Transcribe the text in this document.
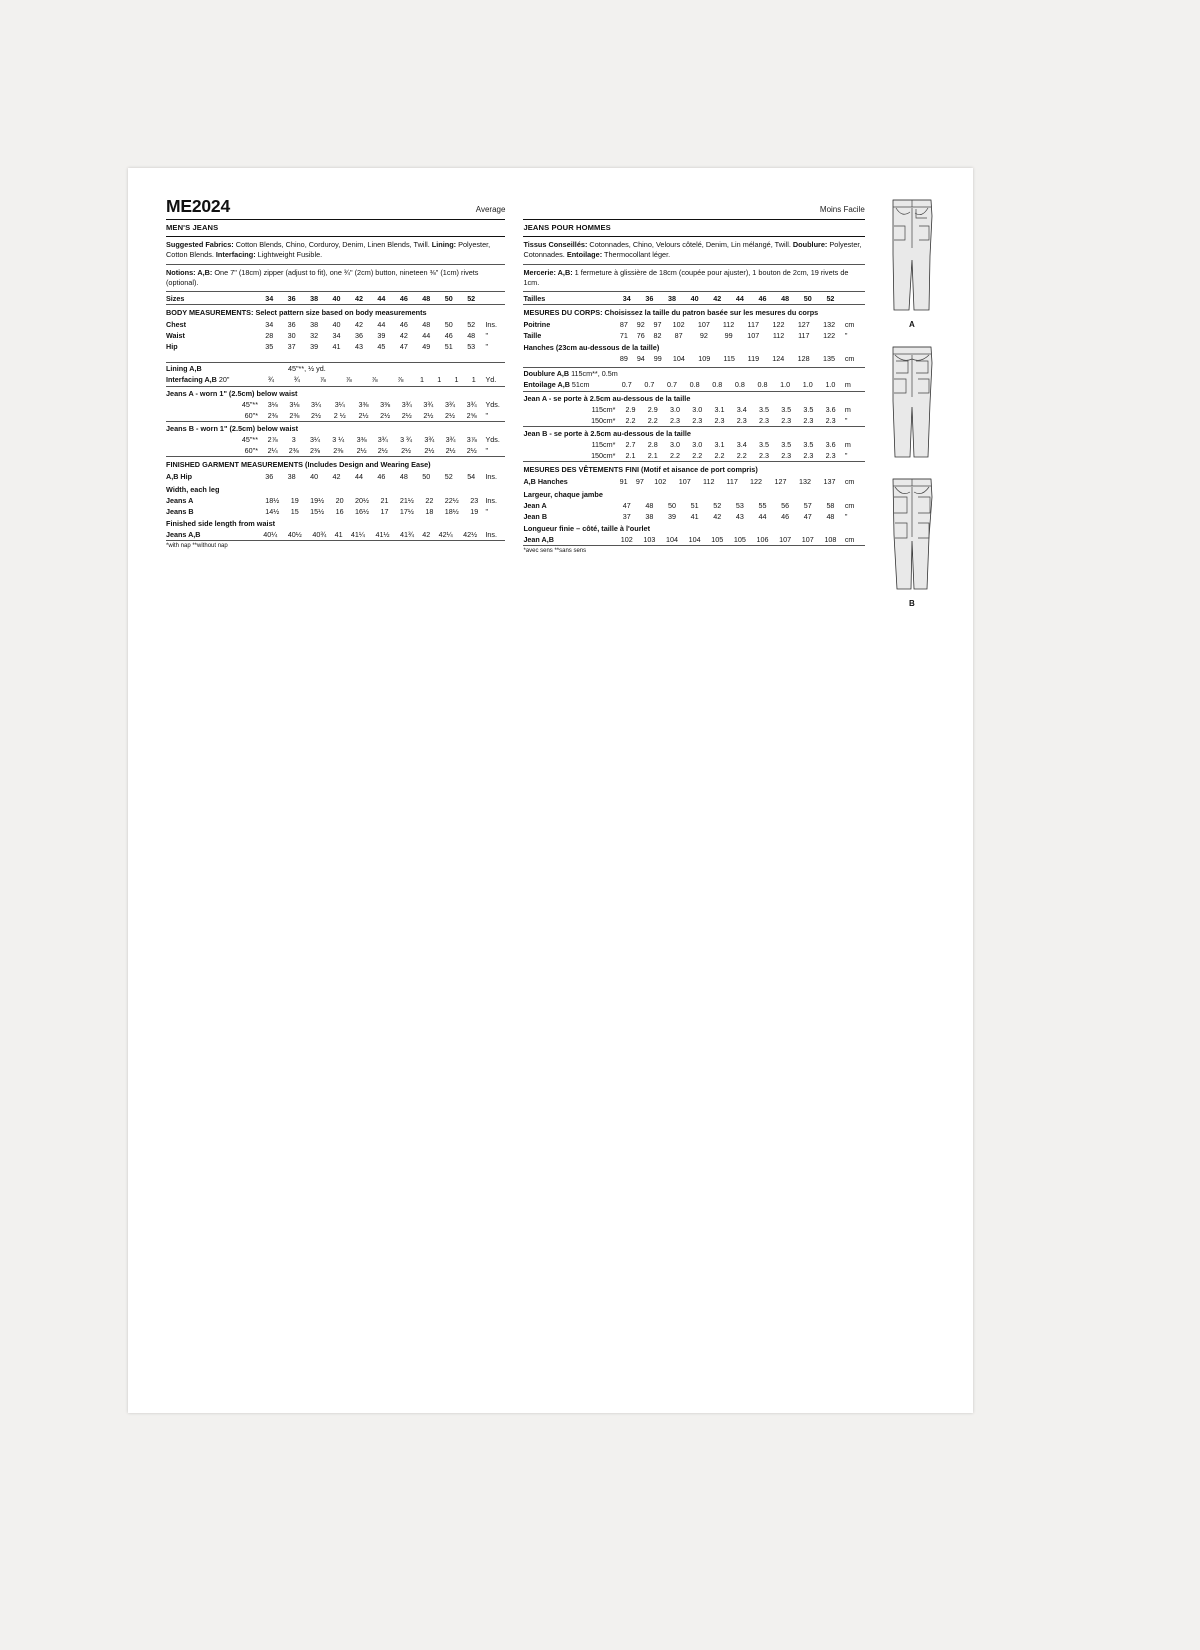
ME2024	Average
MEN'S JEANS
Suggested Fabrics: Cotton Blends, Chino, Corduroy, Denim, Linen Blends, Twill. Lining: Polyester, Cotton Blends. Interfacing: Lightweight Fusible.
Notions: A,B: One 7" (18cm) zipper (adjust to fit), one ¾" (2cm) button, nineteen ⅜" (1cm) rivets (optional).
Sizes	34	36	38	40	42	44	46	48	50	52	
BODY MEASUREMENTS: Select pattern size based on body measurements
Chest	34	36	38	40	42	44	46	48	50	52	Ins.
Waist	28	30	32	34	36	39	42	44	46	48	"
Hip	35	37	39	41	43	45	47	49	51	53	"
Lining A,B	45"**, ½ yd.
Interfacing A,B 20"	¾	¾	⅞	⅞	⅞	⅞	1	1	1	1	Yd.
Jeans A - worn 1" (2.5cm) below waist
45"**	3⅛	3⅛	3¼	3¼	3⅜	3⅜	3¾	3¾	3¾	3¾	Yds.
60"*	2⅜	2⅜	2½	2 ½	2½	2½	2½	2½	2½	2⅝	"
Jeans B - worn 1" (2.5cm) below waist
45"**	2⅞	3	3¼	3 ¼	3⅜	3¾	3 ¾	3¾	3¾	3⅞	Yds.
60"*	2¼	2⅜	2⅜	2⅜	2½	2½	2½	2½	2½	2½	"
FINISHED GARMENT MEASUREMENTS (Includes Design and Wearing Ease)
A,B Hip	36	38	40	42	44	46	48	50	52	54	Ins.
Width, each leg
Jeans A	18½	19	19½	20	20½	21	21½	22	22½	23	Ins.
Jeans B	14½	15	15½	16	16½	17	17½	18	18½	19	"
Finished side length from waist
Jeans A,B	40¼	40½	40¾	41	41¼	41½	41¾	42	42¼	42½	Ins.
*with nap **without nap
Moins Facile
JEANS POUR HOMMES
Tissus Conseillés: Cotonnades, Chino, Velours côtelé, Denim, Lin mélangé, Twill. Doublure: Polyester, Cotonnades. Entoilage: Thermocollant léger.
Mercerie: A,B: 1 fermeture à glissière de 18cm (coupée pour ajuster), 1 bouton de 2cm, 19 rivets de 1cm.
Tailles	34	36	38	40	42	44	46	48	50	52	
MESURES DU CORPS: Choisissez la taille du patron basée sur les mesures du corps
Poitrine	87	92	97	102	107	112	117	122	127	132	cm
Taille	71	76	82	87	92	99	107	112	117	122	"
Hanches (23cm au-dessous de la taille)
	89	94	99	104	109	115	119	124	128	135	cm
Doublure A,B 115cm**, 0.5m	
Entoilage A,B 51cm	0.7	0.7	0.7	0.8	0.8	0.8	0.8	1.0	1.0	1.0	m
Jean A - se porte à 2.5cm au-dessous de la taille
115cm*	2.9	2.9	3.0	3.0	3.1	3.4	3.5	3.5	3.5	3.6	m
150cm*	2.2	2.2	2.3	2.3	2.3	2.3	2.3	2.3	2.3	2.3	"
Jean B - se porte à 2.5cm au-dessous de la taille
115cm*	2.7	2.8	3.0	3.0	3.1	3.4	3.5	3.5	3.5	3.6	m
150cm*	2.1	2.1	2.2	2.2	2.2	2.2	2.3	2.3	2.3	2.3	"
MESURES DES VÊTEMENTS FINI (Motif et aisance de port compris)
A,B Hanches	91	97	102	107	112	117	122	127	132	137	cm
Largeur, chaque jambe
Jean A	47	48	50	51	52	53	55	56	57	58	cm
Jean B	37	38	39	41	42	43	44	46	47	48	"
Longueur finie – côté, taille à l'ourlet
Jean A,B	102	103	104	104	105	105	106	107	107	108	cm
*avec sens **sans sens
A
B
